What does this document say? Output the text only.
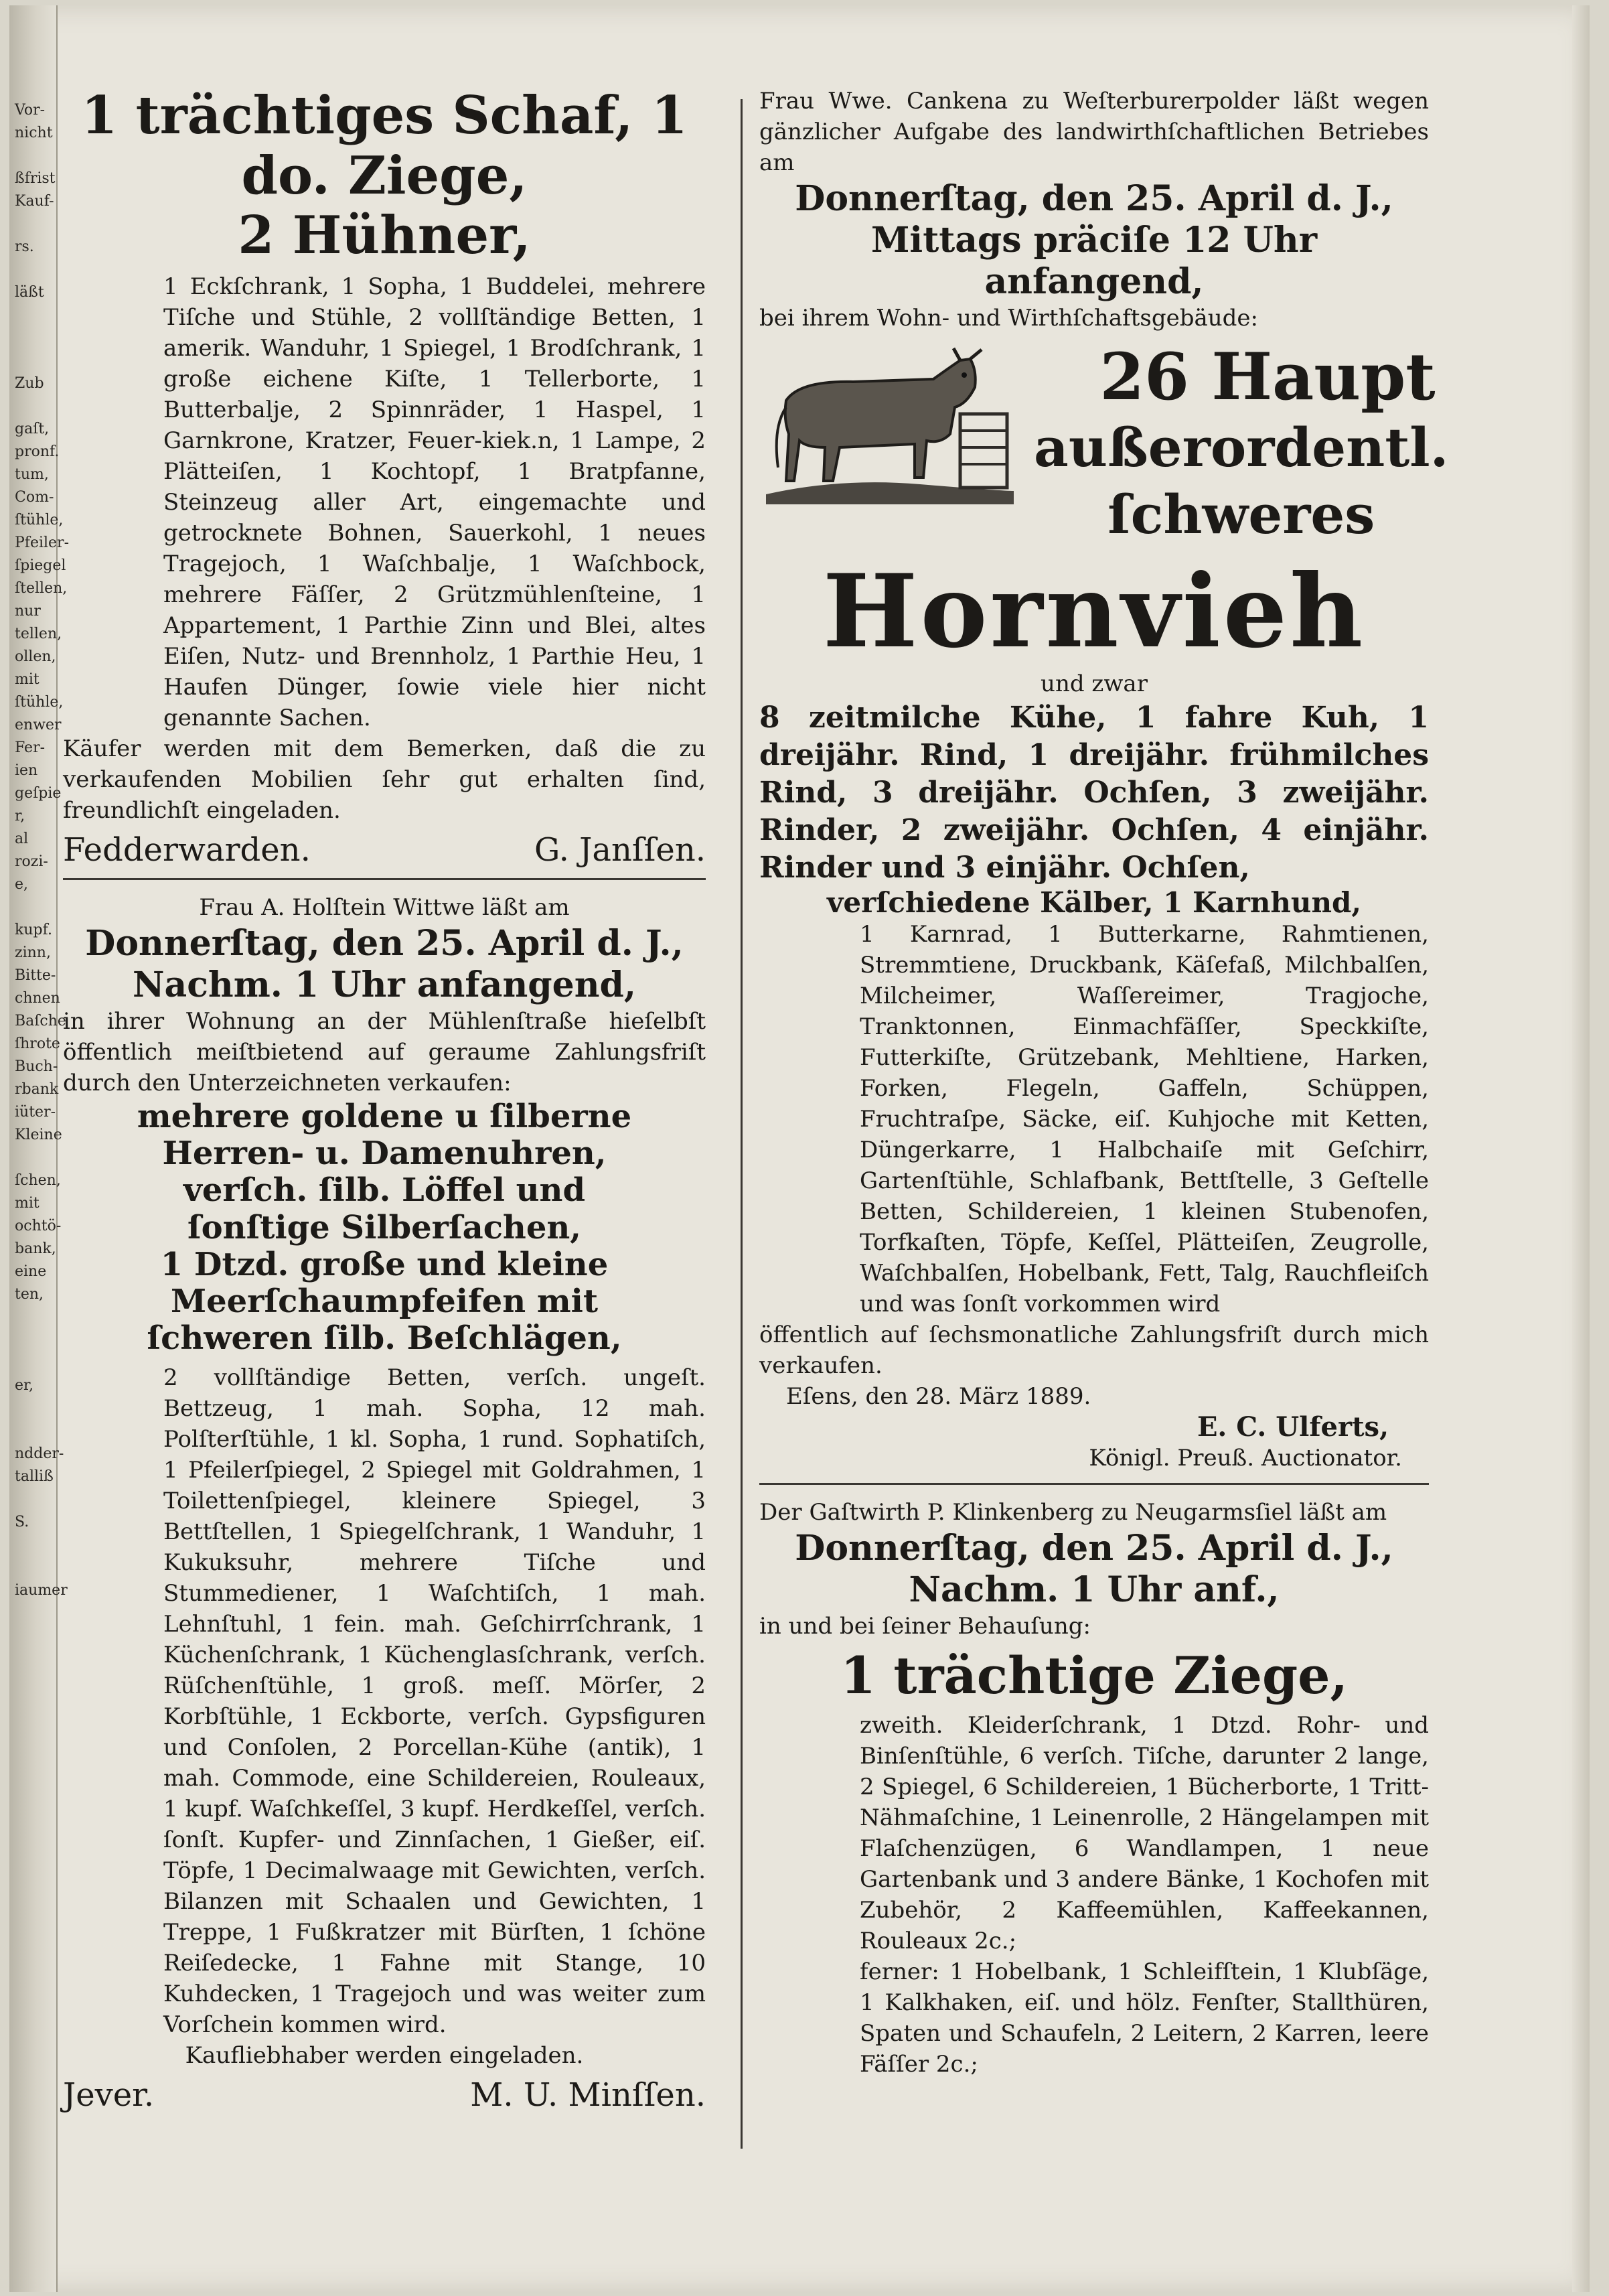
Vor-
nicht

ßfrist
Kauf-

rs.

läßt

Zub

gaſt,
pronf.
tum,
Com-
ſtühle,
Pfeiler-
ſpiegel
ſtellen,
nur
tellen,
ollen,
mit
ſtühle,
enwer
Fer-
ien
geſpie
r,
al
rozi-
e,

kupf.
zinn,
Bitte-
chnen
Baſche
ſhrote
Buch-
rbank
iüter-
Kleine

ſchen,
mit
ochtö-
bank,
eine
ten,

er,

ndder-
talliß

S.

iaumer
1 trächtiges Schaf, 1 do. Ziege,
2 Hühner,
1 Eckſchrank, 1 Sopha, 1 Buddelei, mehrere Tiſche und Stühle, 2 vollſtändige Betten, 1 amerik. Wanduhr, 1 Spiegel, 1 Brodſchrank, 1 große eichene Kiſte, 1 Tellerborte, 1 Butterbalje, 2 Spinnräder, 1 Haspel, 1 Garnkrone, Kratzer, Feuer-kiek.n, 1 Lampe, 2 Plätteiſen, 1 Kochtopf, 1 Bratpfanne, Steinzeug aller Art, eingemachte und getrocknete Bohnen, Sauerkohl, 1 neues Tragejoch, 1 Waſchbalje, 1 Waſchbock, mehrere Fäſſer, 2 Grützmühlenſteine, 1 Appartement, 1 Parthie Zinn und Blei, altes Eiſen, Nutz- und Brennholz, 1 Parthie Heu, 1 Haufen Dünger, ſowie viele hier nicht genannte Sachen.
Käufer werden mit dem Bemerken, daß die zu verkaufenden Mobilien ſehr gut erhalten ſind, freundlichſt eingeladen.
Fedderwarden.	G. Janſſen.
Frau A. Holſtein Wittwe läßt am
Donnerſtag, den 25. April d. J.,
Nachm. 1 Uhr anfangend,
in ihrer Wohnung an der Mühlenſtraße hieſelbſt öffentlich meiſtbietend auf geraume Zahlungsfriſt durch den Unterzeichneten verkaufen:
mehrere goldene u ſilberne
Herren- u. Damenuhren,
verſch. ſilb. Löffel und
ſonſtige Silberſachen,
1 Dtzd. große und kleine
Meerſchaumpfeifen mit
ſchweren ſilb. Beſchlägen,
2 vollſtändige Betten, verſch. ungeſt. Bettzeug, 1 mah. Sopha, 12 mah. Polſterſtühle, 1 kl. Sopha, 1 rund. Sophatiſch, 1 Pfeilerſpiegel, 2 Spiegel mit Goldrahmen, 1 Toilettenſpiegel, kleinere Spiegel, 3 Bettſtellen, 1 Spiegelſchrank, 1 Wanduhr, 1 Kukuksuhr, mehrere Tiſche und Stummediener, 1 Waſchtiſch, 1 mah. Lehnſtuhl, 1 fein. mah. Geſchirrſchrank, 1 Küchenſchrank, 1 Küchenglasſchrank, verſch. Rüſchenſtühle, 1 groß. meſſ. Mörſer, 2 Korbſtühle, 1 Eckborte, verſch. Gypsfiguren und Conſolen, 2 Porcellan-Kühe (antik), 1 mah. Commode, eine Schildereien, Rouleaux, 1 kupf. Waſchkeſſel, 3 kupf. Herdkeſſel, verſch. ſonſt. Kupfer- und Zinnſachen, 1 Gießer, eiſ. Töpfe, 1 Decimalwaage mit Gewichten, verſch. Bilanzen mit Schaalen und Gewichten, 1 Treppe, 1 Fußkratzer mit Bürſten, 1 ſchöne Reiſedecke, 1 Fahne mit Stange, 10 Kuhdecken, 1 Tragejoch und was weiter zum Vorſchein kommen wird.
Kaufliebhaber werden eingeladen.
Jever.	M. U. Minſſen.
Frau Wwe. Cankena zu Weſterburerpolder läßt wegen gänzlicher Aufgabe des landwirthſchaftlichen Betriebes am
Donnerſtag, den 25. April d. J.,
Mittags präciſe 12 Uhr anfangend,
bei ihrem Wohn- und Wirthſchaftsgebäude:
26 Haupt
außerordentl.
ſchweres
Hornvieh
und zwar
8 zeitmilche Kühe, 1 fahre Kuh, 1 dreijähr. Rind, 1 dreijähr. frühmilches Rind, 3 dreijähr. Ochſen, 3 zweijähr. Rinder, 2 zweijähr. Ochſen, 4 einjähr. Rinder und 3 einjähr. Ochſen,
verſchiedene Kälber, 1 Karnhund,
1 Karnrad, 1 Butterkarne, Rahmtienen, Stremmtiene, Druckbank, Käſefaß, Milchbalſen, Milcheimer, Waſſereimer, Tragjoche, Tranktonnen, Einmachfäſſer, Speckkiſte, Futterkiſte, Grützebank, Mehltiene, Harken, Forken, Flegeln, Gaffeln, Schüppen, Fruchtraſpe, Säcke, eiſ. Kuhjoche mit Ketten, Düngerkarre, 1 Halbchaiſe mit Geſchirr, Gartenſtühle, Schlafbank, Bettſtelle, 3 Geſtelle Betten, Schildereien, 1 kleinen Stubenofen, Torfkaſten, Töpfe, Keſſel, Plätteiſen, Zeugrolle, Waſchbalſen, Hobelbank, Fett, Talg, Rauchfleiſch und was ſonſt vorkommen wird
öffentlich auf ſechsmonatliche Zahlungsfriſt durch mich verkaufen.
Eſens, den 28. März 1889.
E. C. Ulferts,
Königl. Preuß. Auctionator.
Der Gaſtwirth P. Klinkenberg zu Neugarmsſiel läßt am
Donnerſtag, den 25. April d. J.,
Nachm. 1 Uhr anf.,
in und bei ſeiner Behauſung:
1 trächtige Ziege,
zweith. Kleiderſchrank, 1 Dtzd. Rohr- und Binſenſtühle, 6 verſch. Tiſche, darunter 2 lange, 2 Spiegel, 6 Schildereien, 1 Bücherborte, 1 Tritt-Nähmaſchine, 1 Leinenrolle, 2 Hängelampen mit Flaſchenzügen, 6 Wandlampen, 1 neue Gartenbank und 3 andere Bänke, 1 Kochofen mit Zubehör, 2 Kaffeemühlen, Kaffeekannen, Rouleaux 2c.;
ferner: 1 Hobelbank, 1 Schleifſtein, 1 Klubſäge, 1 Kalkhaken, eiſ. und hölz. Fenſter, Stallthüren, Spaten und Schaufeln, 2 Leitern, 2 Karren, leere Fäſſer 2c.;
